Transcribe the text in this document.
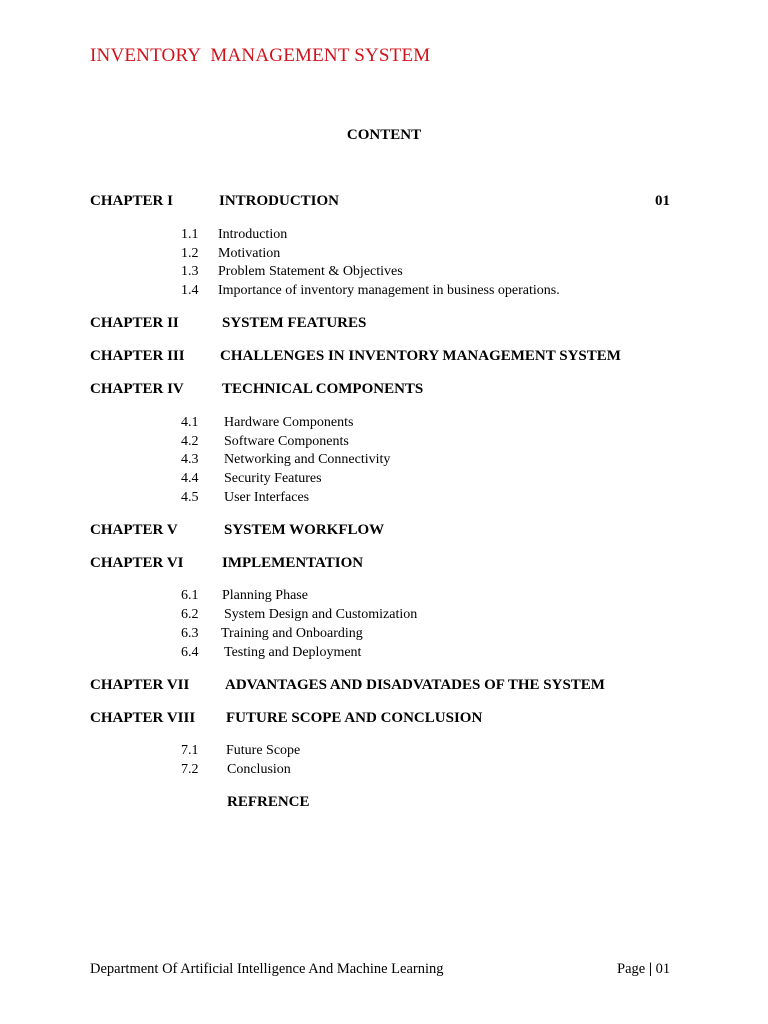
INVENTORY  MANAGEMENT SYSTEM
CONTENT
CHAPTER I	INTRODUCTION	01
1.1 Introduction
1.2 Motivation
1.3 Problem Statement & Objectives
1.4 Importance of inventory management in business operations.
CHAPTER II	SYSTEM FEATURES
CHAPTER III CHALLENGES IN INVENTORY MANAGEMENT SYSTEM
CHAPTER IV	TECHNICAL COMPONENTS
4.1 Hardware Components
4.2 Software Components
4.3 Networking and Connectivity
4.4 Security Features
4.5 User Interfaces
CHAPTER V	SYSTEM WORKFLOW
CHAPTER VI	IMPLEMENTATION
6.1 Planning Phase
6.2 System Design and Customization
6.3 Training and Onboarding
6.4 Testing and Deployment
CHAPTER VII ADVANTAGES AND DISADVATADES OF THE SYSTEM
CHAPTER VIII FUTURE SCOPE AND CONCLUSION
7.1 Future Scope
7.2 Conclusion
REFRENCE
Department Of Artificial Intelligence And Machine Learning	Page | 01
